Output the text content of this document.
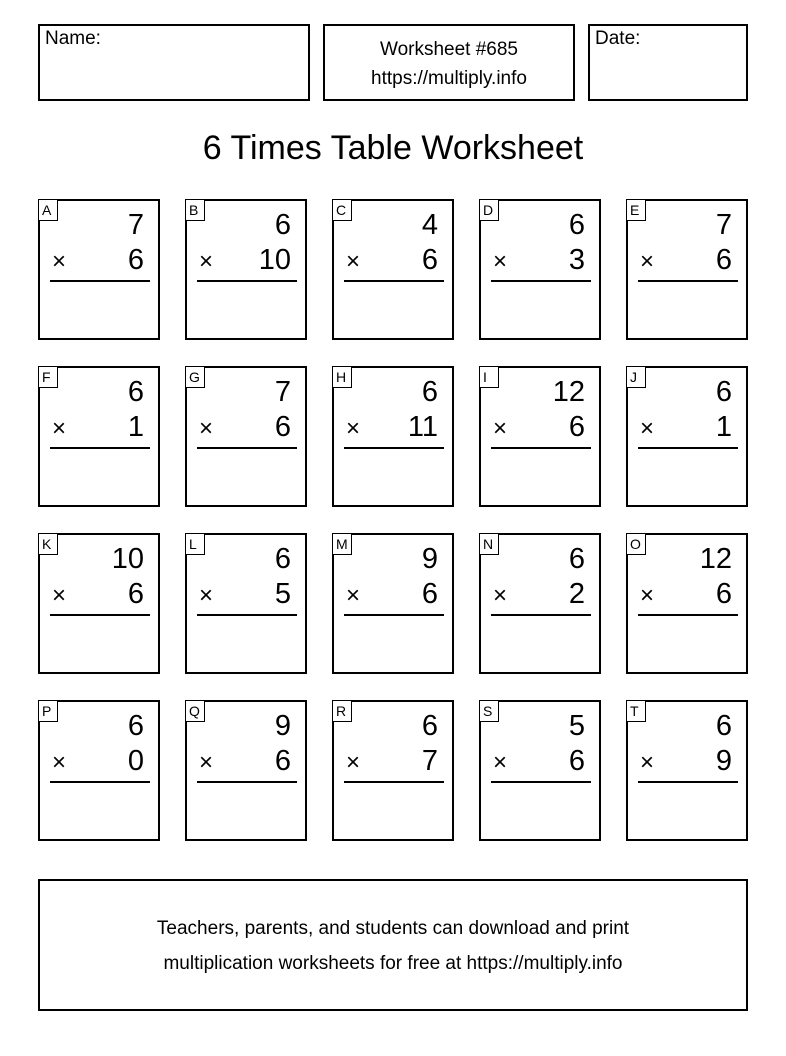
Name:
Worksheet #685
https://multiply.info
Date:
6 Times Table Worksheet
A	7
× 6
B	6
× 10
C	4
× 6
D	6
× 3
E	7
× 6
F	6
× 1
G	7
× 6
H	6
× 11
I	12
× 6
J	6
× 1
K 10
× 6
L	6
× 5
M	9
× 6
N	6
× 2
O 12
× 6
P	6
× 0
Q	9
× 6
R	6
× 7
S	5
× 6
T	6
× 9
Teachers, parents, and students can download and print
multiplication worksheets for free at https://multiply.info
